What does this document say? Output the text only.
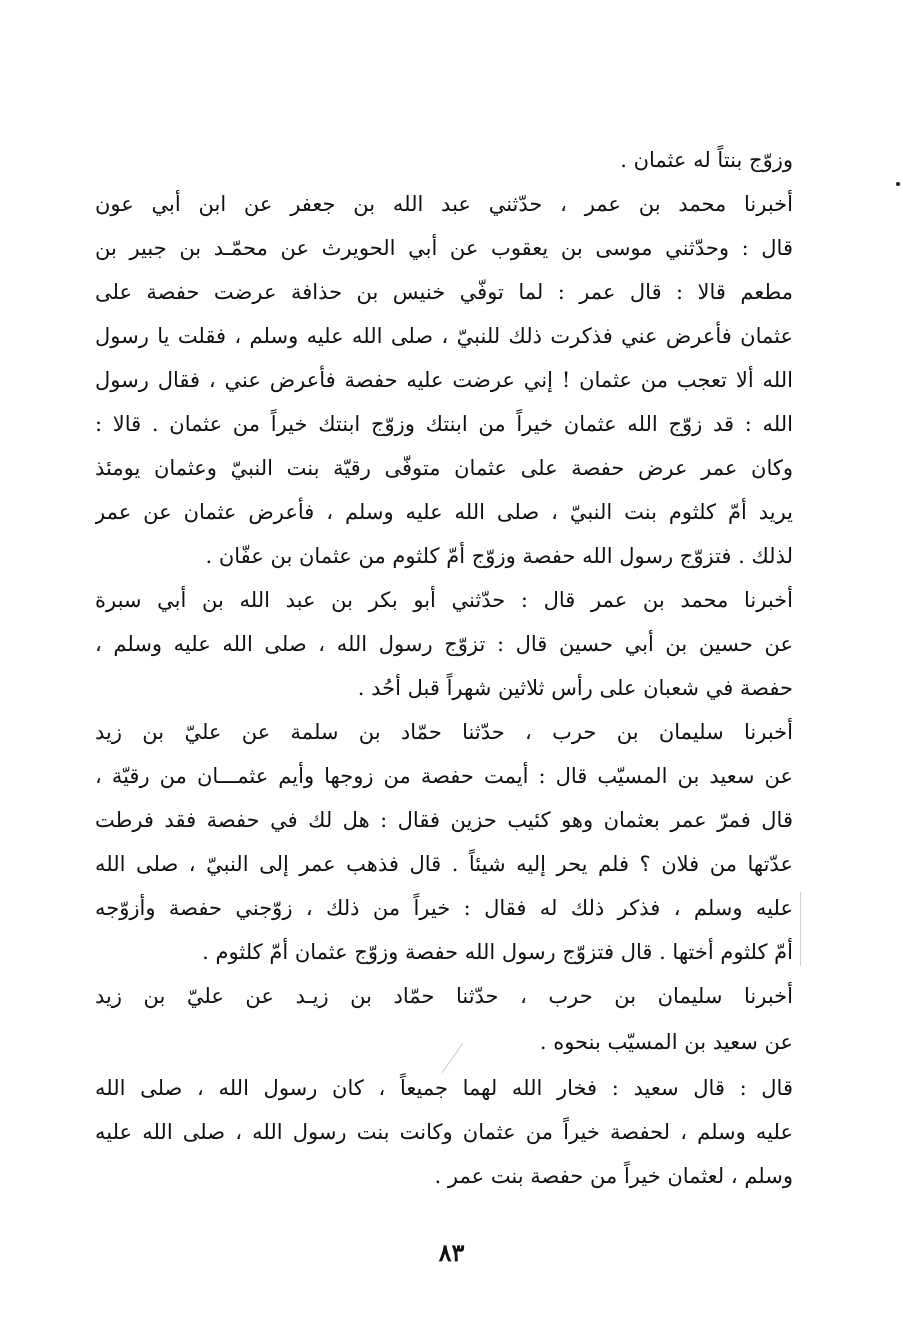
وزوّج بنتاً له عثمان .
أخبرنا محمد بن عمر ، حدّثني عبد الله بن جعفر عن ابن أبي عون
قال : وحدّثني موسى بن يعقوب عن أبي الحويرث عن محمّـد بن جبير بن
مطعم قالا : قال عمر : لما توفّي خنيس بن حذافة عرضت حفصة على
عثمان فأعرض عني فذكرت ذلك للنبيّ ، صلى الله عليه وسلم ، فقلت يا رسول
الله ألا تعجب من عثمان ! إني عرضت عليه حفصة فأعرض عني ، فقال رسول
الله : قد زوّج الله عثمان خيراً من ابنتك وزوّج ابنتك خيراً من عثمان . قالا :
وكان عمر عرض حفصة على عثمان متوفّى رقيّة بنت النبيّ وعثمان يومئذ
يريد أمّ كلثوم بنت النبيّ ، صلى الله عليه وسلم ، فأعرض عثمان عن عمر
لذلك . فتزوّج رسول الله حفصة وزوّج أمّ كلثوم من عثمان بن عفّان .
أخبرنا محمد بن عمر قال : حدّثني أبو بكر بن عبد الله بن أبي سبرة
عن حسين بن أبي حسين قال : تزوّج رسول الله ، صلى الله عليه وسلم ،
حفصة في شعبان على رأس ثلاثين شهراً قبل أحُد .
أخبرنا سليمان بن حرب ، حدّثنا حمّاد بن سلمة عن عليّ بن زيد
عن سعيد بن المسيّب قال : أيمت حفصة من زوجها وأيم عثمـــان من رقيّة ،
قال فمرّ عمر بعثمان وهو كئيب حزين فقال : هل لك في حفصة فقد فرطت
عدّتها من فلان ؟ فلم يحر إليه شيئاً . قال فذهب عمر إلى النبيّ ، صلى الله
عليه وسلم ، فذكر ذلك له فقال : خيراً من ذلك ، زوّجني حفصة وأزوّجه
أمّ كلثوم أختها . قال فتزوّج رسول الله حفصة وزوّج عثمان أمّ كلثوم .
أخبرنا سليمان بن حرب ، حدّثنا حمّاد بن زيـد عن عليّ بن زيد
عن سعيد بن المسيّب بنحوه .
قال : قال سعيد : فخار الله لهما جميعاً ، كان رسول الله ، صلى الله
عليه وسلم ، لحفصة خيراً من عثمان وكانت بنت رسول الله ، صلى الله عليه
وسلم ، لعثمان خيراً من حفصة بنت عمر .
٨٣
